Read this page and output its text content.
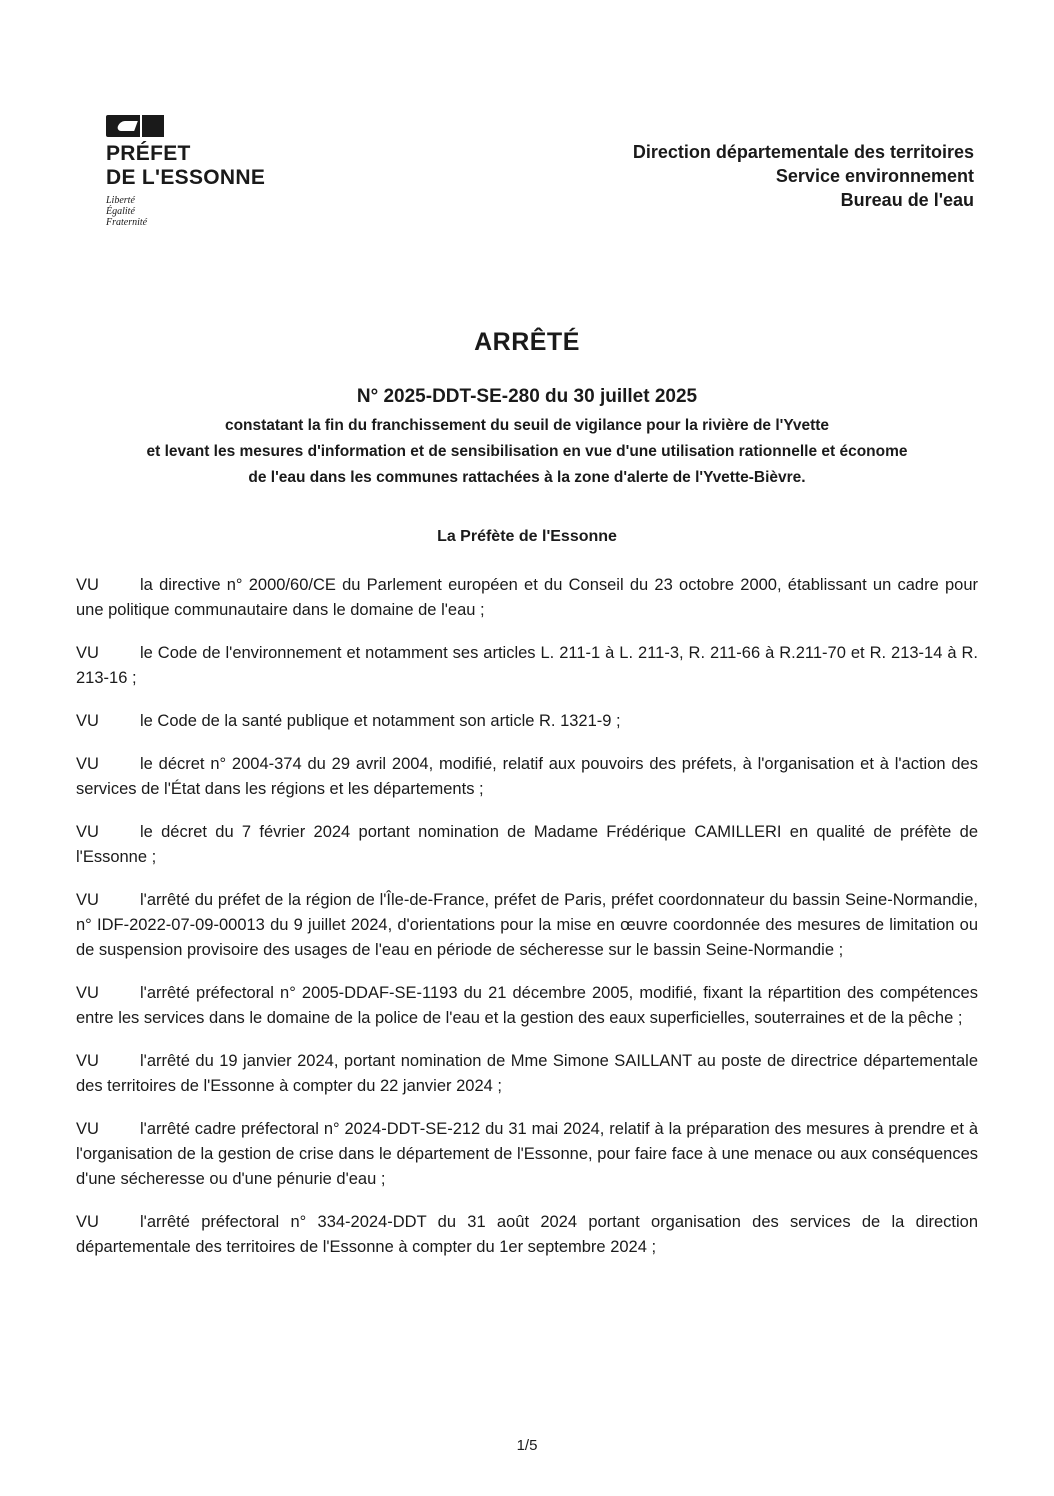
PRÉFET
DE L'ESSONNE
Liberté
Égalité
Fraternité
Direction départementale des territoires
Service environnement
Bureau de l'eau
ARRÊTÉ
N° 2025-DDT-SE-280 du 30 juillet 2025
constatant la fin du franchissement du seuil de vigilance pour la rivière de l'Yvette
et levant les mesures d'information et de sensibilisation en vue d'une utilisation rationnelle et économe
de l'eau dans les communes rattachées à la zone d'alerte de l'Yvette-Bièvre.
La Préfète de l'Essonne

VU la directive n° 2000/60/CE du Parlement européen et du Conseil du 23 octobre 2000, établissant un cadre pour une politique communautaire dans le domaine de l'eau ;

VU le Code de l'environnement et notamment ses articles L. 211-1 à L. 211-3, R. 211-66 à R.211-70 et R. 213-14 à R. 213-16 ;

VU le Code de la santé publique et notamment son article R. 1321-9 ;

VU le décret n° 2004-374 du 29 avril 2004, modifié, relatif aux pouvoirs des préfets, à l'organisation et à l'action des services de l'État dans les régions et les départements ;

VU le décret du 7 février 2024 portant nomination de Madame Frédérique CAMILLERI en qualité de préfète de l'Essonne ;

VU l'arrêté du préfet de la région de l'Île-de-France, préfet de Paris, préfet coordonnateur du bassin Seine-Normandie, n° IDF-2022-07-09-00013 du 9 juillet 2024, d'orientations pour la mise en œuvre coordonnée des mesures de limitation ou de suspension provisoire des usages de l'eau en période de sécheresse sur le bassin Seine-Normandie ;

VU l'arrêté préfectoral n° 2005-DDAF-SE-1193 du 21 décembre 2005, modifié, fixant la répartition des compétences entre les services dans le domaine de la police de l'eau et la gestion des eaux superficielles, souterraines et de la pêche ;

VU l'arrêté du 19 janvier 2024, portant nomination de Mme Simone SAILLANT au poste de directrice départementale des territoires de l'Essonne à compter du 22 janvier 2024 ;

VU l'arrêté cadre préfectoral n° 2024-DDT-SE-212 du 31 mai 2024, relatif à la préparation des mesures à prendre et à l'organisation de la gestion de crise dans le département de l'Essonne, pour faire face à une menace ou aux conséquences d'une sécheresse ou d'une pénurie d'eau ;

VU l'arrêté préfectoral n° 334-2024-DDT du 31 août 2024 portant organisation des services de la direction départementale des territoires de l'Essonne à compter du 1er septembre 2024 ;

1/5
